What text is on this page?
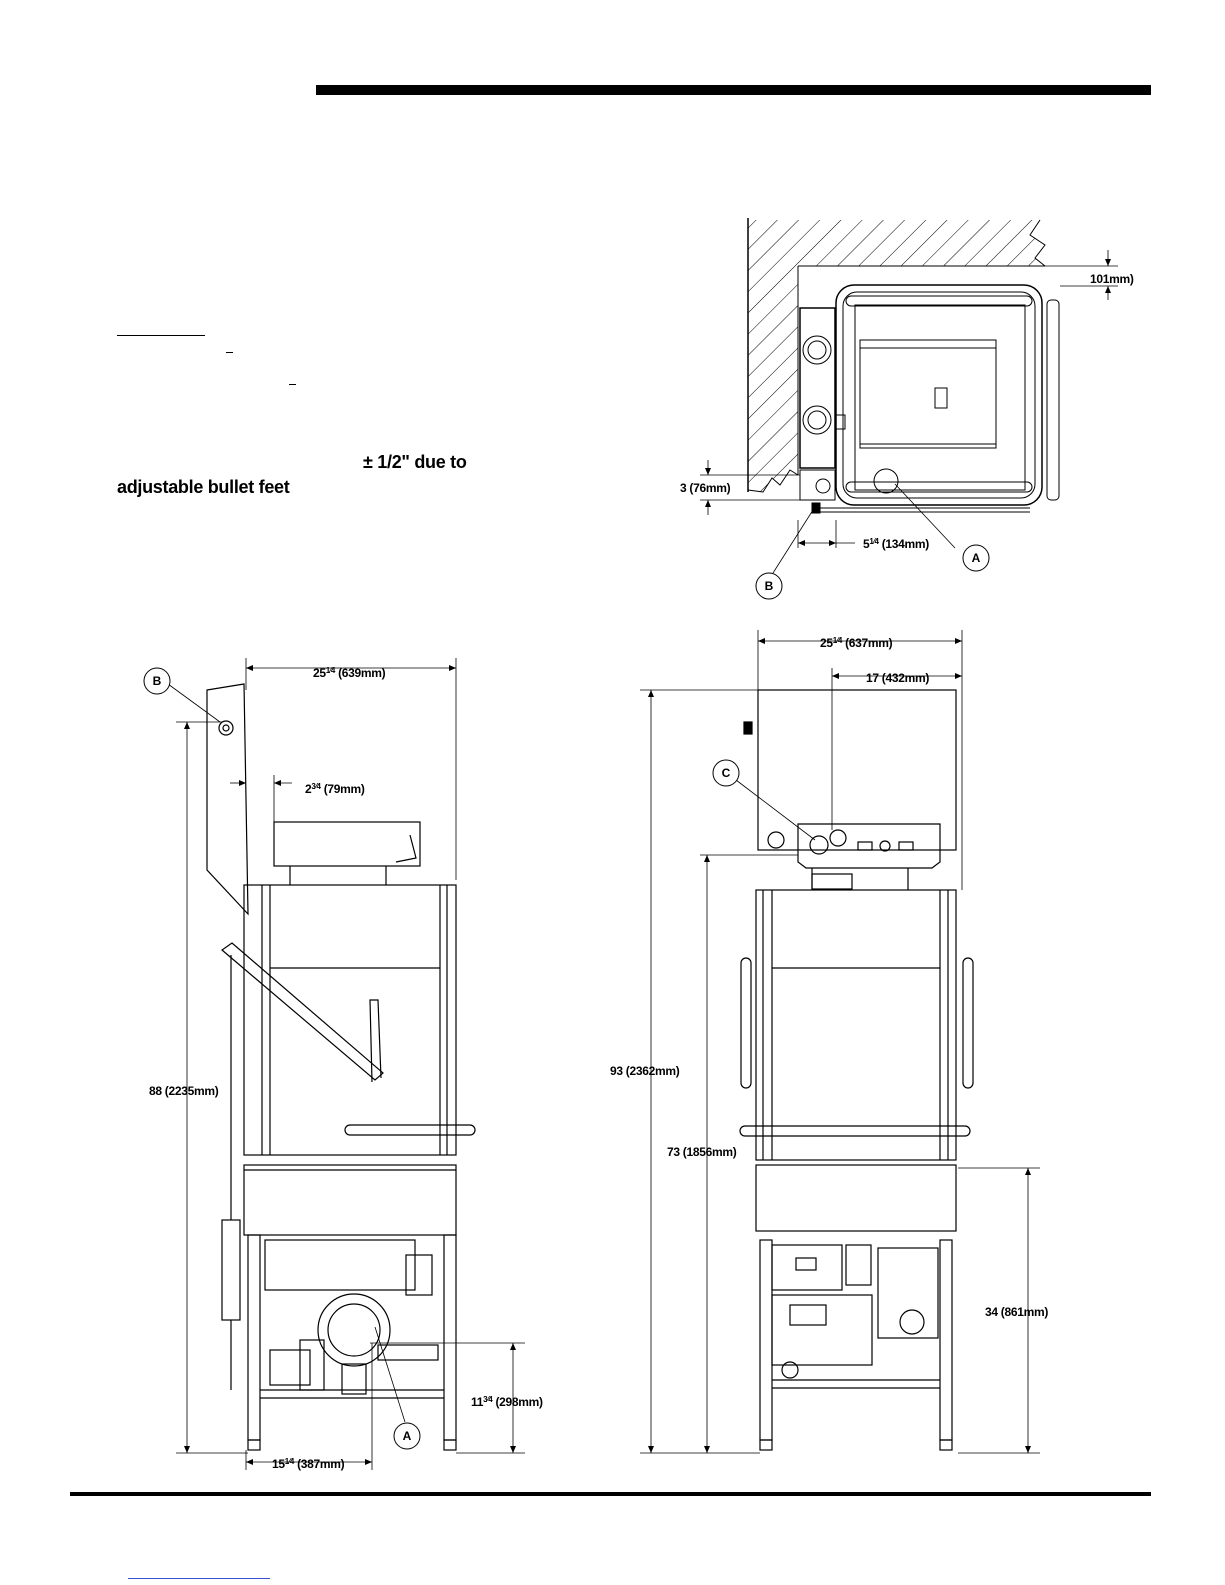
± 1/2" due to
adjustable bullet feet
101mm)
3 (76mm)
$5^{1⁄4}$ (134mm)
A
B
$25^{1⁄4}$ (639mm)
$2^{3⁄4}$ (79mm)
88 (2235mm)
$11^{3⁄4}$ (298mm)
$15^{1⁄4}$ (387mm)
B
A
$25^{1⁄4}$ (637mm)
17 (432mm)
93 (2362mm)
73 (1856mm)
34 (861mm)
C
